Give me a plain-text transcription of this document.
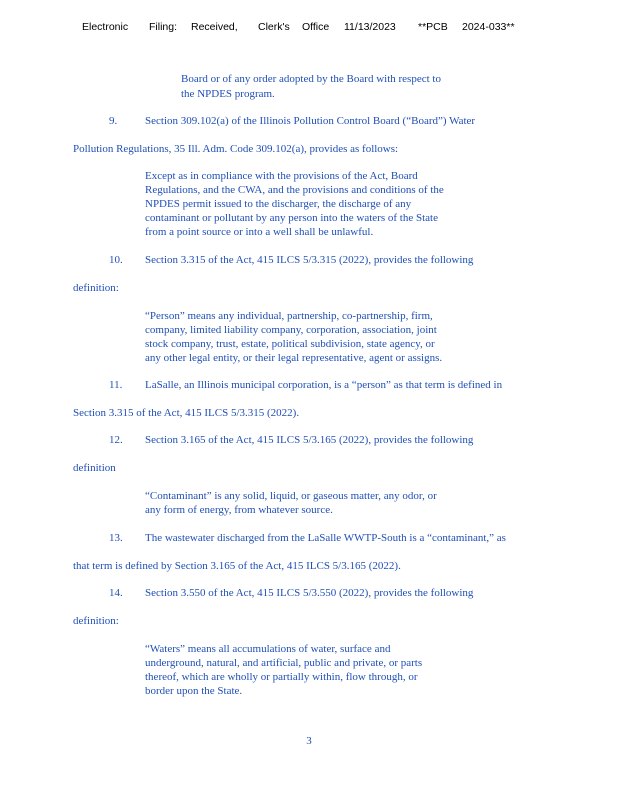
Electronic Filing: Received, Clerk's Office 11/13/2023 **PCB 2024-033**
Board or of any order adopted by the Board with respect to
the NPDES program.
9.	Section 309.102(a) of the Illinois Pollution Control Board (“Board”) Water
Pollution Regulations, 35 Ill. Adm. Code 309.102(a), provides as follows:
Except as in compliance with the provisions of the Act, Board
Regulations, and the CWA, and the provisions and conditions of the
NPDES permit issued to the discharger, the discharge of any
contaminant or pollutant by any person into the waters of the State
from a point source or into a well shall be unlawful.
10. Section 3.315 of the Act, 415 ILCS 5/3.315 (2022), provides the following
definition:
“Person” means any individual, partnership, co-partnership, firm,
company, limited liability company, corporation, association, joint
stock company, trust, estate, political subdivision, state agency, or
any other legal entity, or their legal representative, agent or assigns.
11. LaSalle, an Illinois municipal corporation, is a “person” as that term is defined in
Section 3.315 of the Act, 415 ILCS 5/3.315 (2022).
12. Section 3.165 of the Act, 415 ILCS 5/3.165 (2022), provides the following
definition
“Contaminant” is any solid, liquid, or gaseous matter, any odor, or
any form of energy, from whatever source.
13. The wastewater discharged from the LaSalle WWTP-South is a “contaminant,” as
that term is defined by Section 3.165 of the Act, 415 ILCS 5/3.165 (2022).
14. Section 3.550 of the Act, 415 ILCS 5/3.550 (2022), provides the following
definition:
“Waters” means all accumulations of water, surface and
underground, natural, and artificial, public and private, or parts
thereof, which are wholly or partially within, flow through, or
border upon the State.
3
